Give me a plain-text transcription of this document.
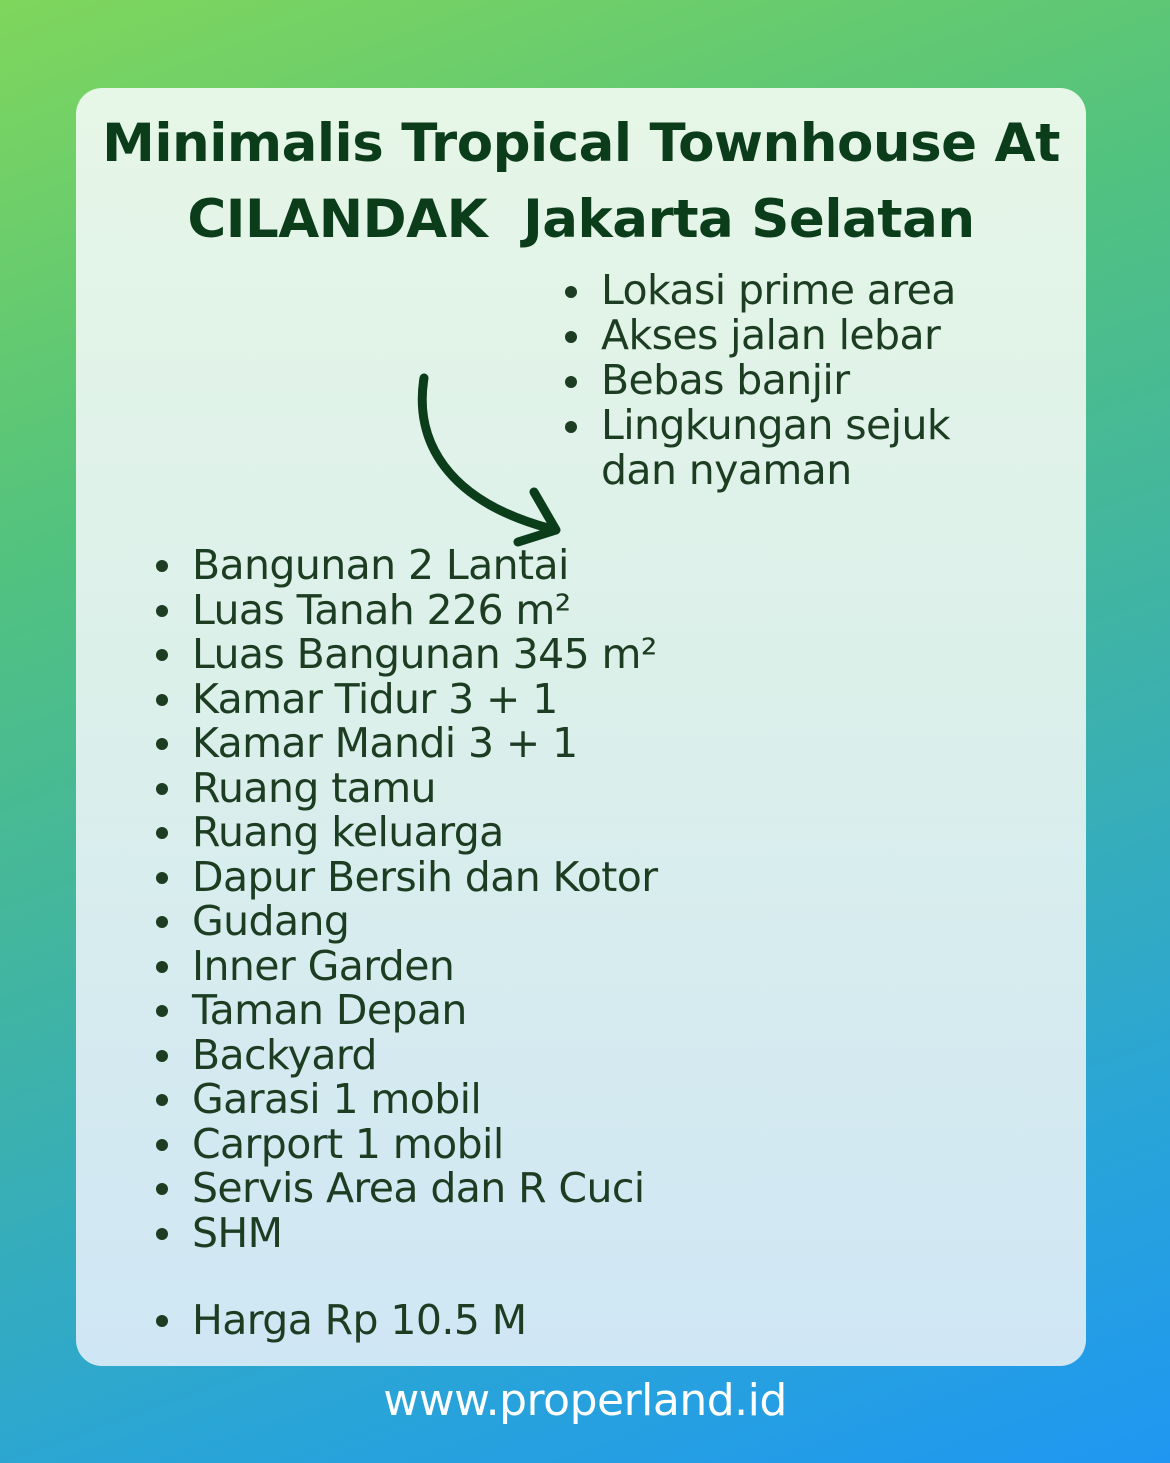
Minimalis Tropical Townhouse At
CILANDAK  Jakarta Selatan
Lokasi prime area
Akses jalan lebar
Bebas banjir
Lingkungan sejuk dan nyaman
Bangunan 2 Lantai
Luas Tanah 226 m²
Luas Bangunan 345 m²
Kamar Tidur 3 + 1
Kamar Mandi 3 + 1
Ruang tamu
Ruang keluarga
Dapur Bersih dan Kotor
Gudang
Inner Garden
Taman Depan
Backyard
Garasi 1 mobil
Carport 1 mobil
Servis Area dan R Cuci
SHM
Harga Rp 10.5 M
www.properland.id
